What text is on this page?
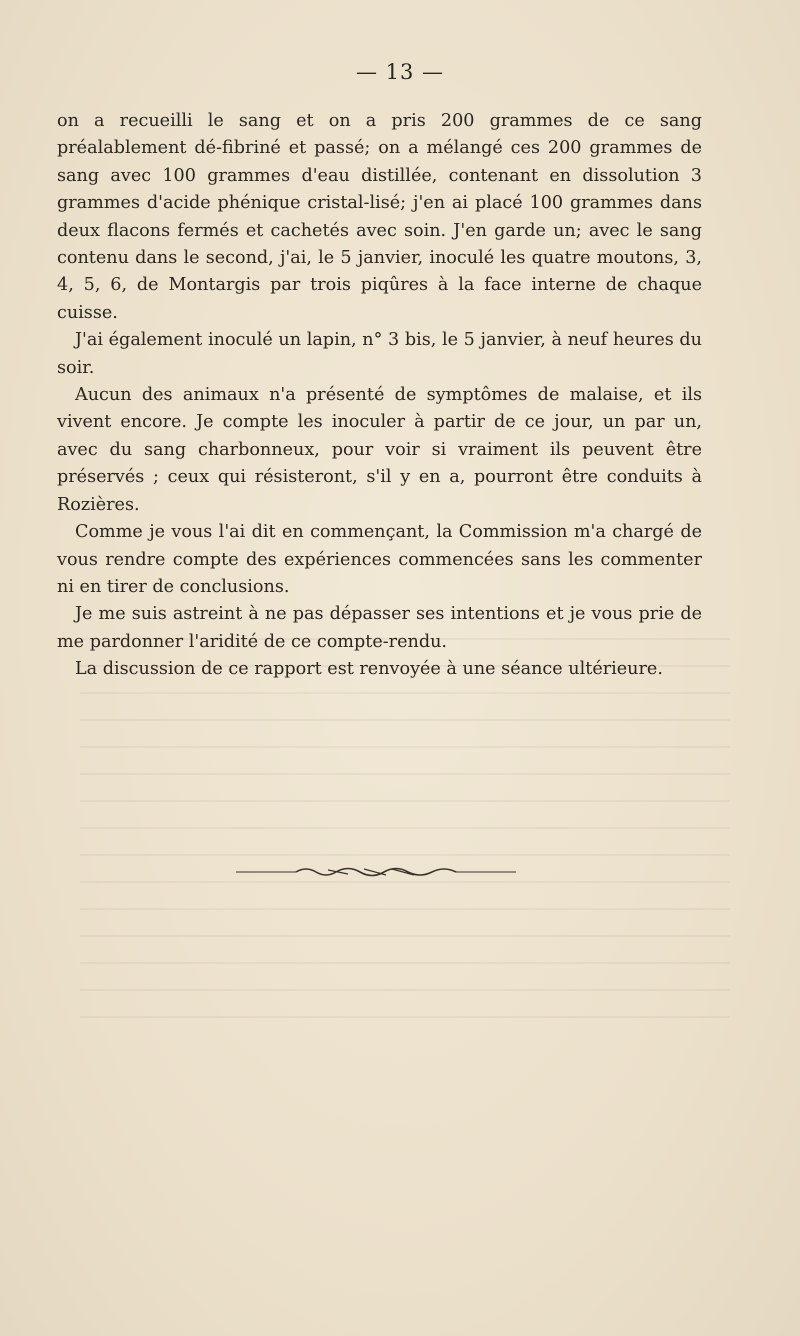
— 13 —

on a recueilli le sang et on a pris 200 grammes de ce sang préalablement dé-fibriné et passé; on a mélangé ces 200 grammes de sang avec 100 grammes d'eau distillée, contenant en dissolution 3 grammes d'acide phénique cristal-lisé; j'en ai placé 100 grammes dans deux flacons fermés et cachetés avec soin. J'en garde un; avec le sang contenu dans le second, j'ai, le 5 janvier, inoculé les quatre moutons, 3, 4, 5, 6, de Montargis par trois piqûres à la face interne de chaque cuisse.

J'ai également inoculé un lapin, n° 3 bis, le 5 janvier, à neuf heures du soir.

Aucun des animaux n'a présenté de symptômes de malaise, et ils vivent encore. Je compte les inoculer à partir de ce jour, un par un, avec du sang charbonneux, pour voir si vraiment ils peuvent être préservés ; ceux qui résisteront, s'il y en a, pourront être conduits à Rozières.

Comme je vous l'ai dit en commençant, la Commission m'a chargé de vous rendre compte des expériences commencées sans les commenter ni en tirer de conclusions.

Je me suis astreint à ne pas dépasser ses intentions et je vous prie de me pardonner l'aridité de ce compte-rendu.

La discussion de ce rapport est renvoyée à une séance ultérieure.
